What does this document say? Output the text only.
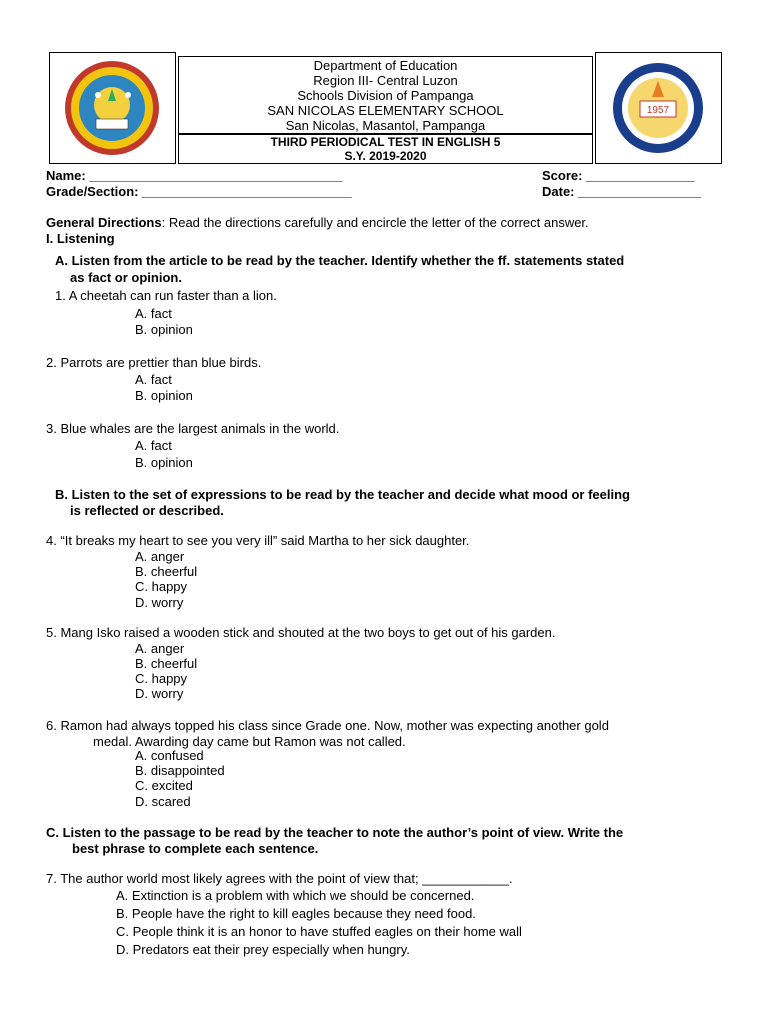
Department of Education
Region III- Central Luzon
Schools Division of Pampanga
SAN NICOLAS ELEMENTARY SCHOOL
San Nicolas, Masantol, Pampanga
THIRD PERIODICAL TEST IN ENGLISH 5
S.Y. 2019-2020
1957
Name: ___________________________________	Score: _______________
Grade/Section: _____________________________	Date: _________________
General Directions: Read the directions carefully and encircle the letter of the correct answer.
I. Listening
A. Listen from the article to be read by the teacher. Identify whether the ff. statements stated
as fact or opinion.
1. A cheetah can run faster than a lion.
A. fact
B. opinion
2. Parrots are prettier than blue birds.
A. fact
B. opinion
3. Blue whales are the largest animals in the world.
A. fact
B. opinion
B. Listen to the set of expressions to be read by the teacher and decide what mood or feeling
is reflected or described.
4. “It breaks my heart to see you very ill” said Martha to her sick daughter.
A. anger
B. cheerful
C. happy
D. worry
5. Mang Isko raised a wooden stick and shouted at the two boys to get out of his garden.
A. anger
B. cheerful
C. happy
D. worry
6. Ramon had always topped his class since Grade one. Now, mother was expecting another gold
medal. Awarding day came but Ramon was not called.
A. confused
B. disappointed
C. excited
D. scared
C. Listen to the passage to be read by the teacher to note the author’s point of view. Write the
best phrase to complete each sentence.
7. The author world most likely agrees with the point of view that; ____________.
A. Extinction is a problem with which we should be concerned.
B. People have the right to kill eagles because they need food.
C. People think it is an honor to have stuffed eagles on their home wall
D. Predators eat their prey especially when hungry.
